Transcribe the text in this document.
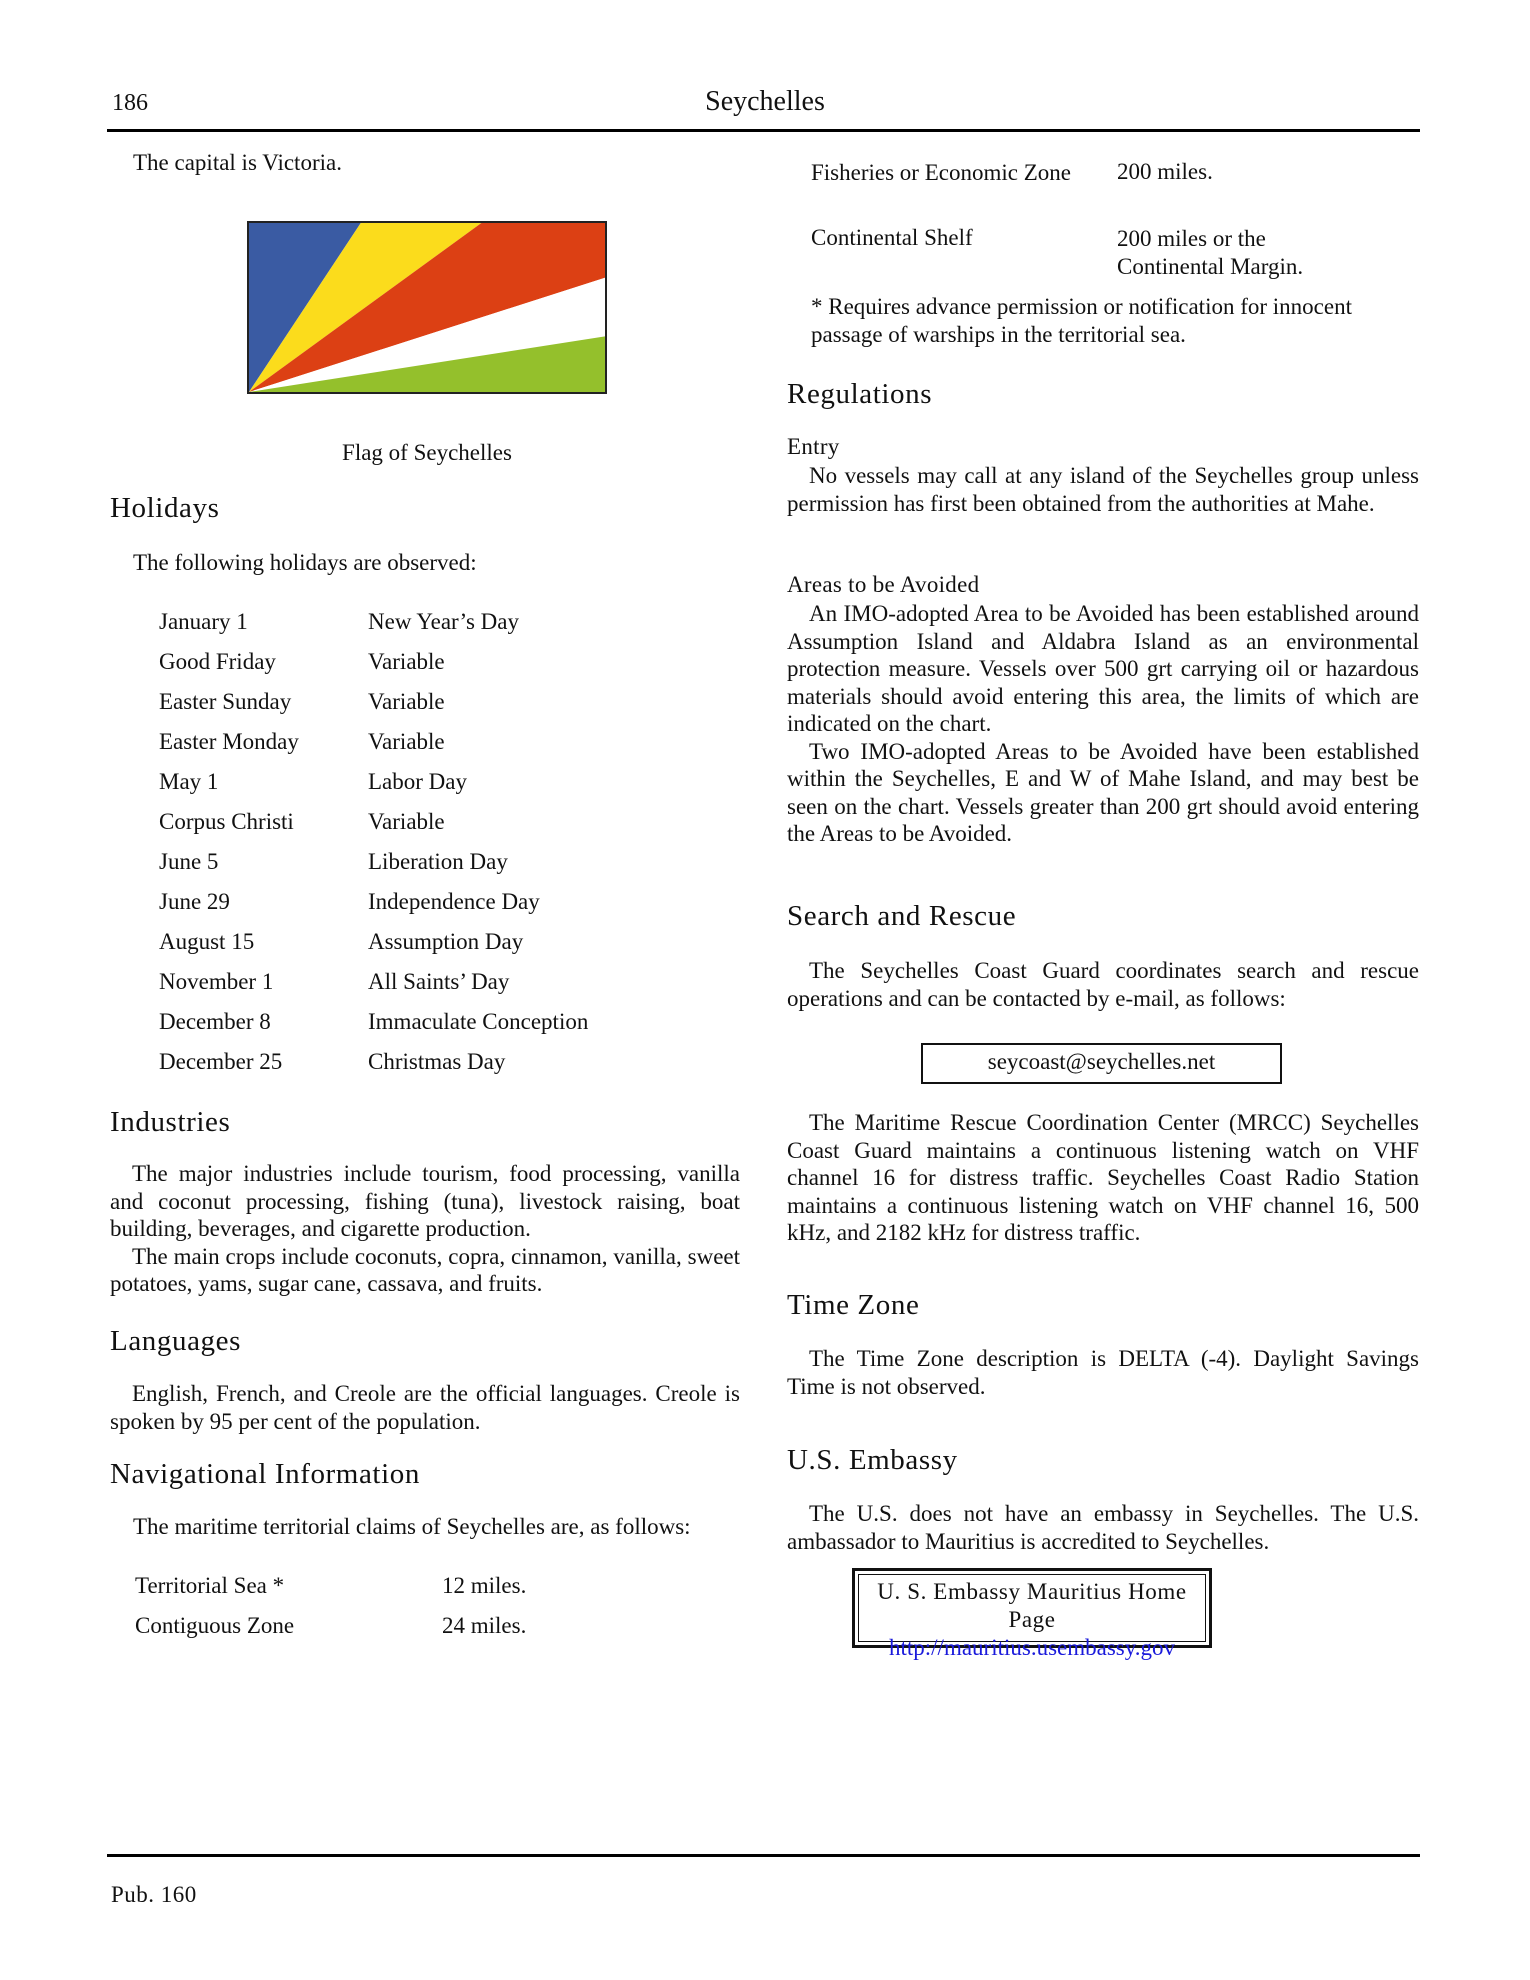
186	Seychelles
The capital is Victoria.
Flag of Seychelles
Holidays
The following holidays are observed:
January 1	New Year’s Day
Good Friday	Variable
Easter Sunday	Variable
Easter Monday	Variable
May 1	Labor Day
Corpus Christi	Variable
June 5	Liberation Day
June 29	Independence Day
August 15	Assumption Day
November 1	All Saints’ Day
December 8	Immaculate Conception
December 25	Christmas Day
Industries

The major industries include tourism, food processing, vanilla and coconut processing, fishing (tuna), livestock raising, boat building, beverages, and cigarette production.

The main crops include coconuts, copra, cinnamon, vanilla, sweet potatoes, yams, sugar cane, cassava, and fruits.

Languages
English, French, and Creole are the official languages. Creole is spoken by 95 per cent of the population.
Navigational Information
The maritime territorial claims of Seychelles are, as follows:
Territorial Sea *	12 miles.
Contiguous Zone	24 miles.
Fisheries or Economic Zone 200 miles.
Continental Shelf	200 miles or the Continental Margin.
* Requires advance permission or notification for innocent passage of warships in the territorial sea.
Regulations
Entry
No vessels may call at any island of the Seychelles group unless permission has first been obtained from the authorities at Mahe.
Areas to be Avoided

An IMO-adopted Area to be Avoided has been established around Assumption Island and Aldabra Island as an environmental protection measure. Vessels over 500 grt carrying oil or hazardous materials should avoid entering this area, the limits of which are indicated on the chart.

Two IMO-adopted Areas to be Avoided have been established within the Seychelles, E and W of Mahe Island, and may best be seen on the chart. Vessels greater than 200 grt should avoid entering the Areas to be Avoided.

Search and Rescue
The Seychelles Coast Guard coordinates search and rescue operations and can be contacted by e-mail, as follows:
seycoast@seychelles.net
The Maritime Rescue Coordination Center (MRCC) Seychelles Coast Guard maintains a continuous listening watch on VHF channel 16 for distress traffic. Seychelles Coast Radio Station maintains a continuous listening watch on VHF channel 16, 500 kHz, and 2182 kHz for distress traffic.
Time Zone
The Time Zone description is DELTA (-4). Daylight Savings Time is not observed.
U.S. Embassy
The U.S. does not have an embassy in Seychelles. The U.S. ambassador to Mauritius is accredited to Seychelles.
U. S. Embassy Mauritius Home Page
http://mauritius.usembassy.gov
Pub. 160
